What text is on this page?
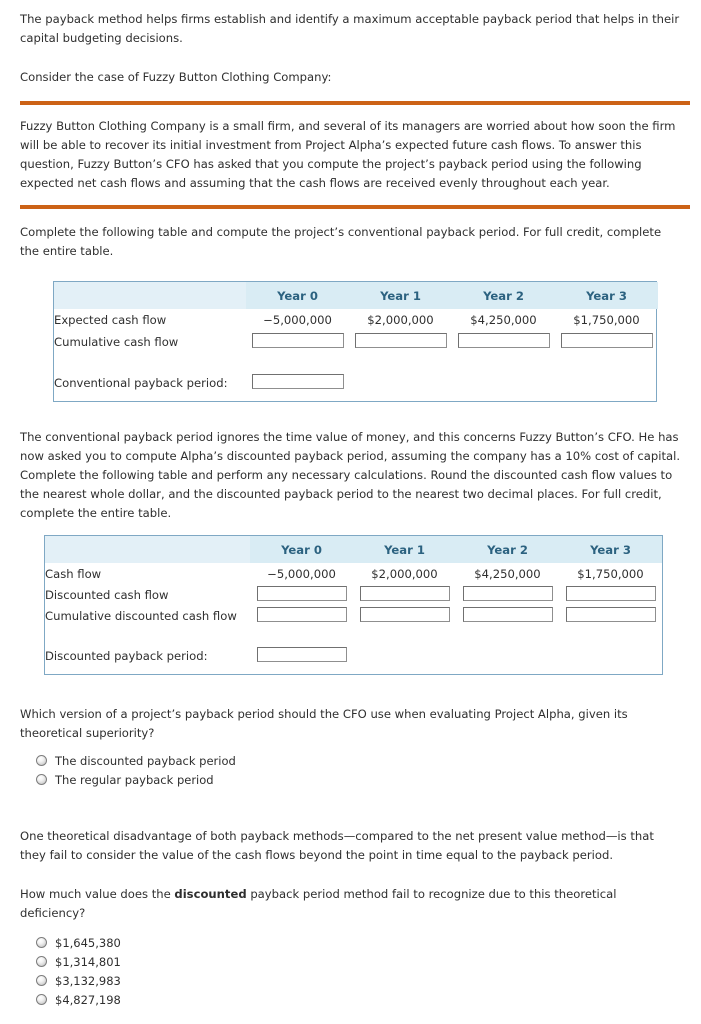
The payback method helps firms establish and identify a maximum acceptable payback period that helps in their capital budgeting decisions.

Consider the case of Fuzzy Button Clothing Company:

Fuzzy Button Clothing Company is a small firm, and several of its managers are worried about how soon the firm will be able to recover its initial investment from Project Alpha’s expected future cash flows. To answer this question, Fuzzy Button’s CFO has asked that you compute the project’s payback period using the following expected net cash flows and assuming that the cash flows are received evenly throughout each year.

Complete the following table and compute the project’s conventional payback period. For full credit, complete the entire table.

	Year 0	Year 1	Year 2	Year 3
Expected cash flow	−5,000,000	$2,000,000	$4,250,000	$1,750,000
Cumulative cash flow				

Conventional payback period:				

The conventional payback period ignores the time value of money, and this concerns Fuzzy Button’s CFO. He has now asked you to compute Alpha’s discounted payback period, assuming the company has a 10% cost of capital. Complete the following table and perform any necessary calculations. Round the discounted cash flow values to the nearest whole dollar, and the discounted payback period to the nearest two decimal places. For full credit, complete the entire table.

	Year 0	Year 1	Year 2	Year 3
Cash flow	−5,000,000	$2,000,000	$4,250,000	$1,750,000
Discounted cash flow				
Cumulative discounted cash flow				

Discounted payback period:				

Which version of a project’s payback period should the CFO use when evaluating Project Alpha, given its theoretical superiority?

The discounted payback period
The regular payback period

One theoretical disadvantage of both payback methods—compared to the net present value method—is that they fail to consider the value of the cash flows beyond the point in time equal to the payback period.

How much value does the discounted payback period method fail to recognize due to this theoretical deficiency?

$1,645,380
$1,314,801
$3,132,983
$4,827,198
